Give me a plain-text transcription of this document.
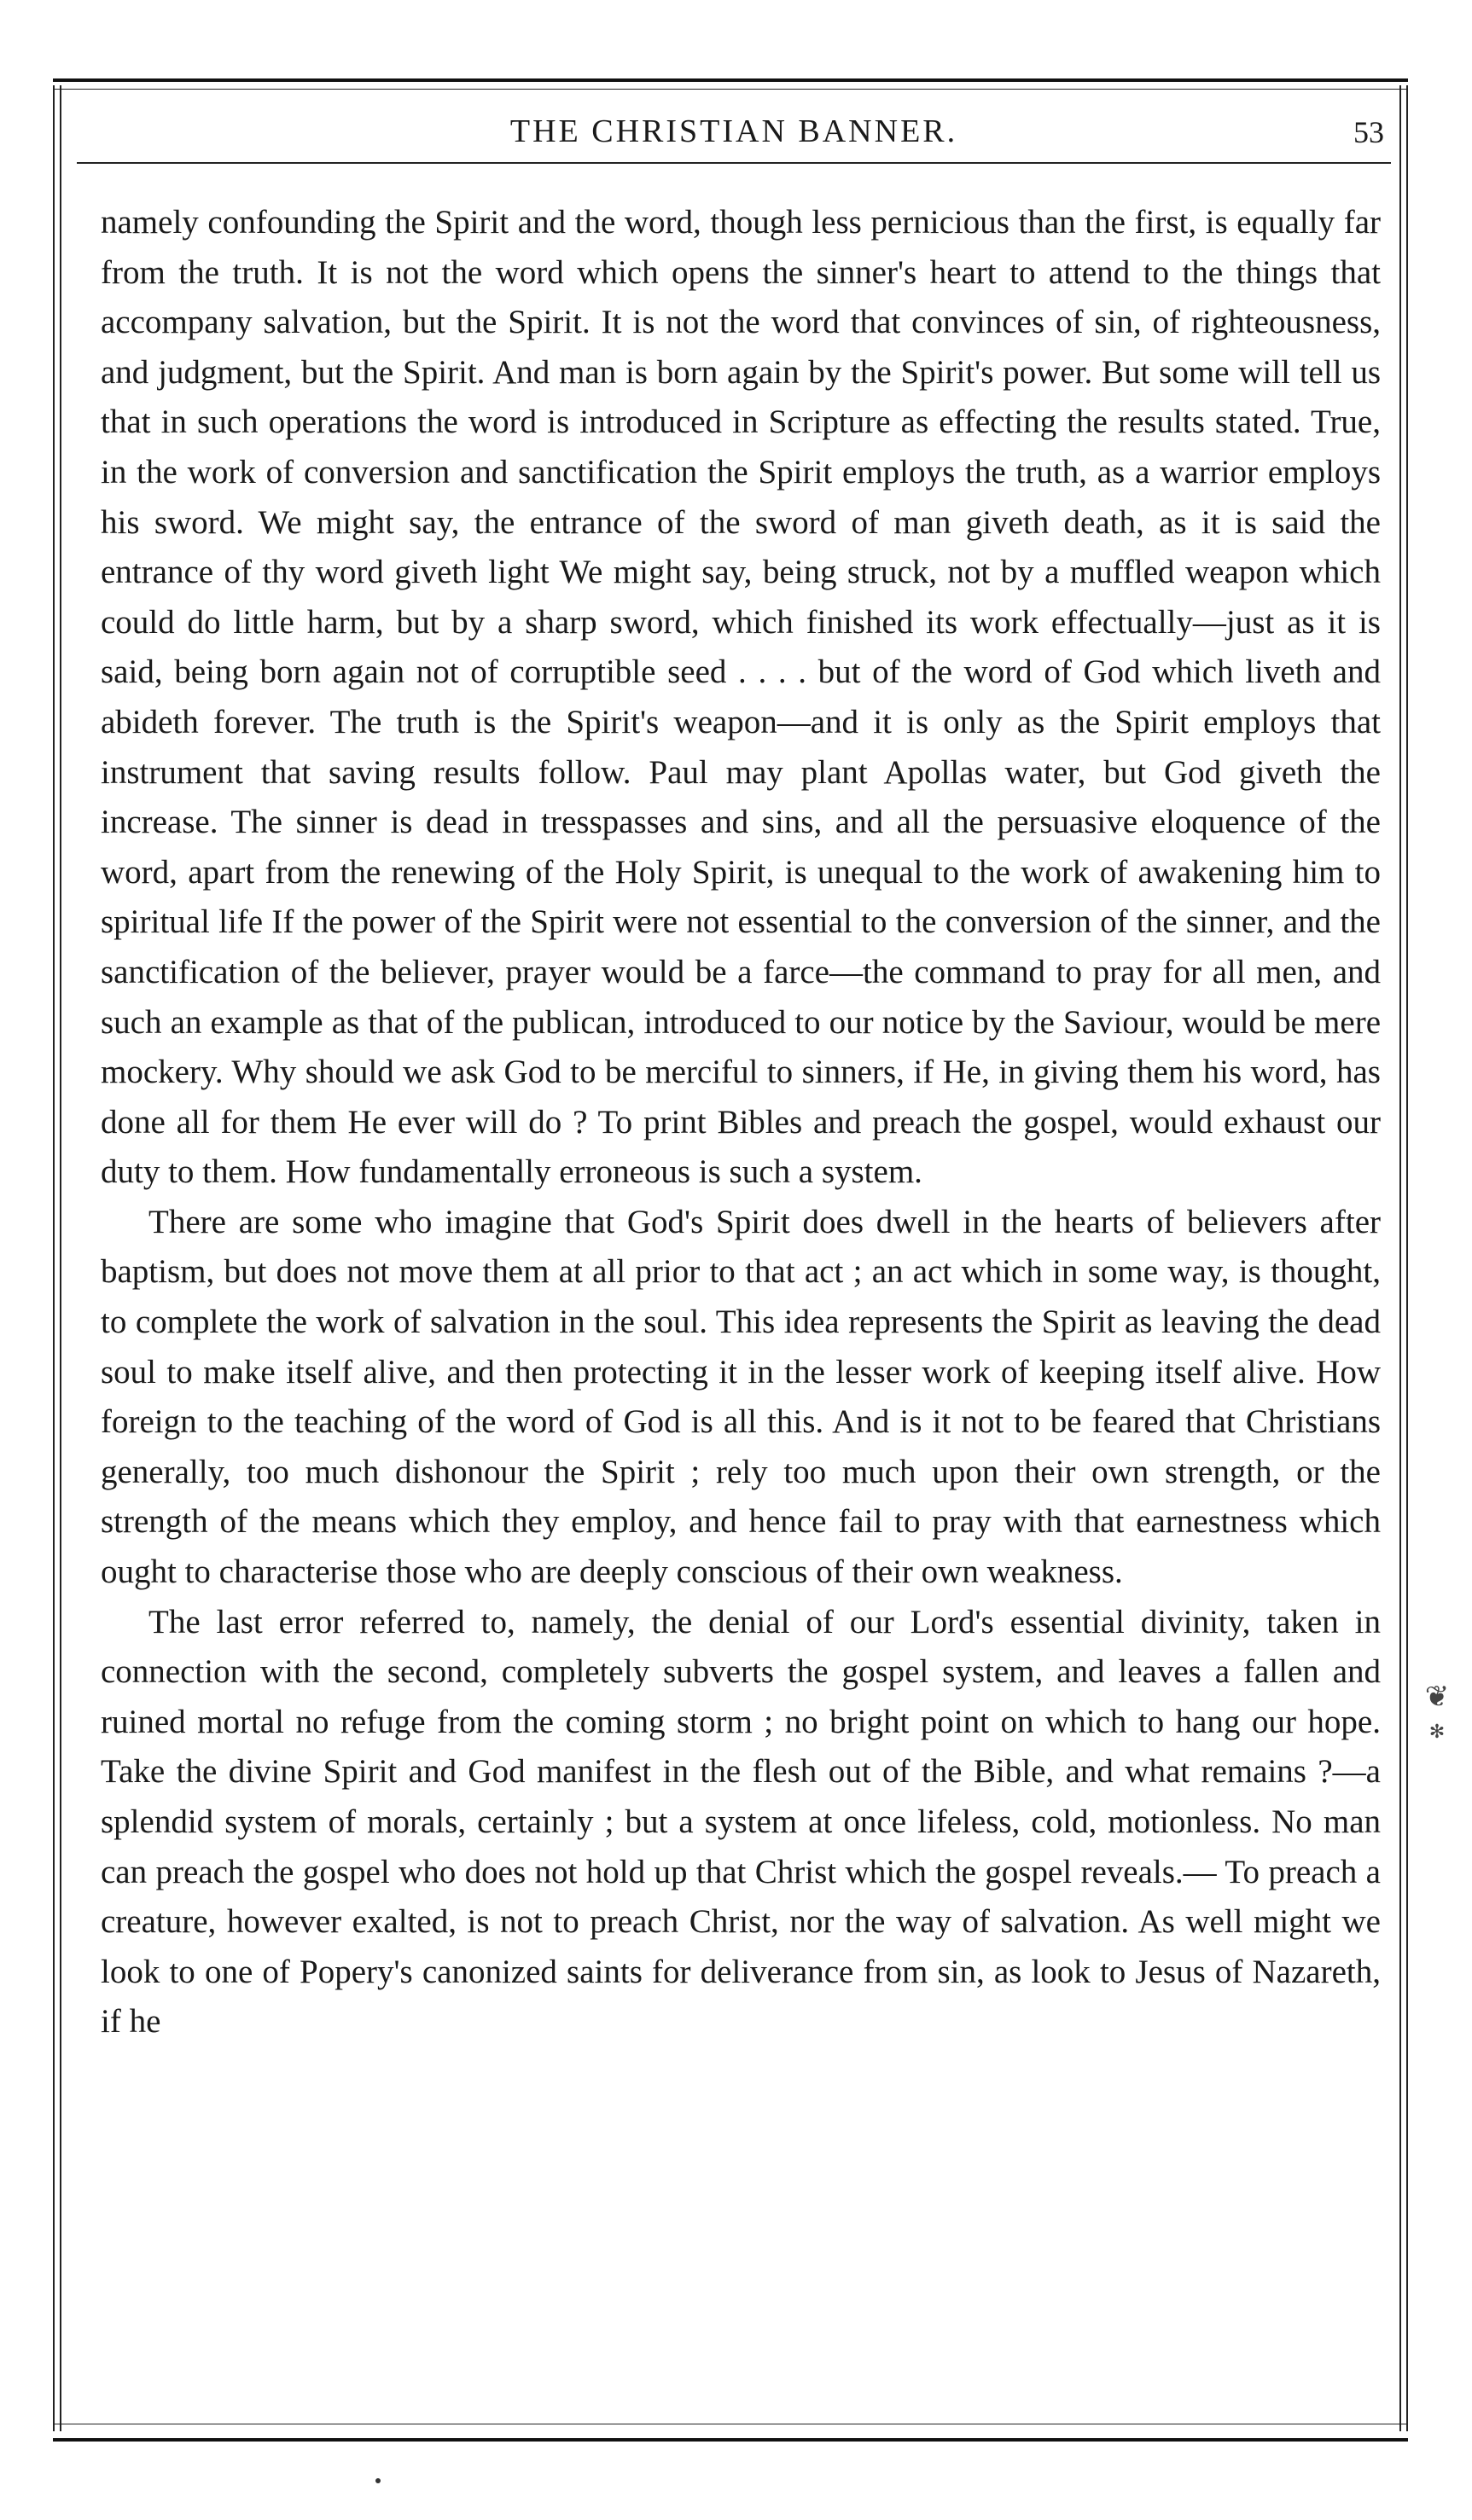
THE CHRISTIAN BANNER.	53

namely confounding the Spirit and the word, though less pernicious than the first, is equally far from the truth. It is not the word which opens the sinner's heart to attend to the things that accompany salvation, but the Spirit. It is not the word that convinces of sin, of righteousness, and judgment, but the Spirit. And man is born again by the Spirit's power. But some will tell us that in such operations the word is introduced in Scripture as effecting the results stated. True, in the work of conversion and sanctification the Spirit employs the truth, as a warrior employs his sword. We might say, the entrance of the sword of man giveth death, as it is said the entrance of thy word giveth light We might say, being struck, not by a muffled weapon which could do little harm, but by a sharp sword, which finished its work effectually—just as it is said, being born again not of corruptible seed . . . . but of the word of God which liveth and abideth forever. The truth is the Spirit's weapon—and it is only as the Spirit employs that instrument that saving results follow. Paul may plant Apollas water, but God giveth the increase. The sinner is dead in tresspasses and sins, and all the persuasive eloquence of the word, apart from the renewing of the Holy Spirit, is unequal to the work of awakening him to spiritual life If the power of the Spirit were not essential to the conversion of the sinner, and the sanctification of the believer, prayer would be a farce—the command to pray for all men, and such an example as that of the publican, introduced to our notice by the Saviour, would be mere mockery. Why should we ask God to be merciful to sinners, if He, in giving them his word, has done all for them He ever will do ? To print Bibles and preach the gospel, would exhaust our duty to them. How fundamentally erroneous is such a system.

There are some who imagine that God's Spirit does dwell in the hearts of believers after baptism, but does not move them at all prior to that act ; an act which in some way, is thought, to complete the work of salvation in the soul. This idea represents the Spirit as leaving the dead soul to make itself alive, and then protecting it in the lesser work of keeping itself alive. How foreign to the teaching of the word of God is all this. And is it not to be feared that Christians generally, too much dishonour the Spirit ; rely too much upon their own strength, or the strength of the means which they employ, and hence fail to pray with that earnestness which ought to characterise those who are deeply conscious of their own weakness.

The last error referred to, namely, the denial of our Lord's essential divinity, taken in connection with the second, completely subverts the gospel system, and leaves a fallen and ruined mortal no refuge from the coming storm ; no bright point on which to hang our hope. Take the divine Spirit and God manifest in the flesh out of the Bible, and what remains ?—a splendid system of morals, certainly ; but a system at once lifeless, cold, motionless. No man can preach the gospel who does not hold up that Christ which the gospel reveals.— To preach a creature, however exalted, is not to preach Christ, nor the way of salvation. As well might we look to one of Popery's canonized saints for deliverance from sin, as look to Jesus of Nazareth, if he

❦
✻
